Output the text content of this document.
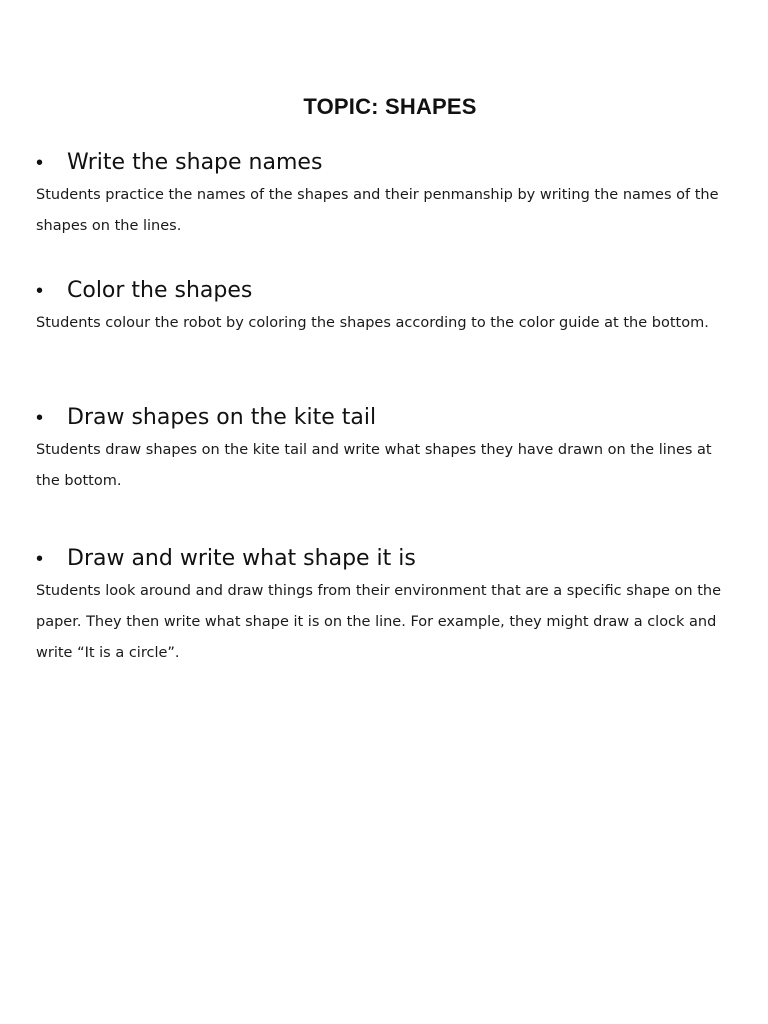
TOPIC: SHAPES
• Write the shape names
Students practice the names of the shapes and their penmanship by writing the names of the shapes on the lines.
• Color the shapes
Students colour the robot by coloring the shapes according to the color guide at the bottom.
• Draw shapes on the kite tail
Students draw shapes on the kite tail and write what shapes they have drawn on the lines at the bottom.
• Draw and write what shape it is
Students look around and draw things from their environment that are a specific shape on the paper. They then write what shape it is on the line. For example, they might draw a clock and write “It is a circle”.
